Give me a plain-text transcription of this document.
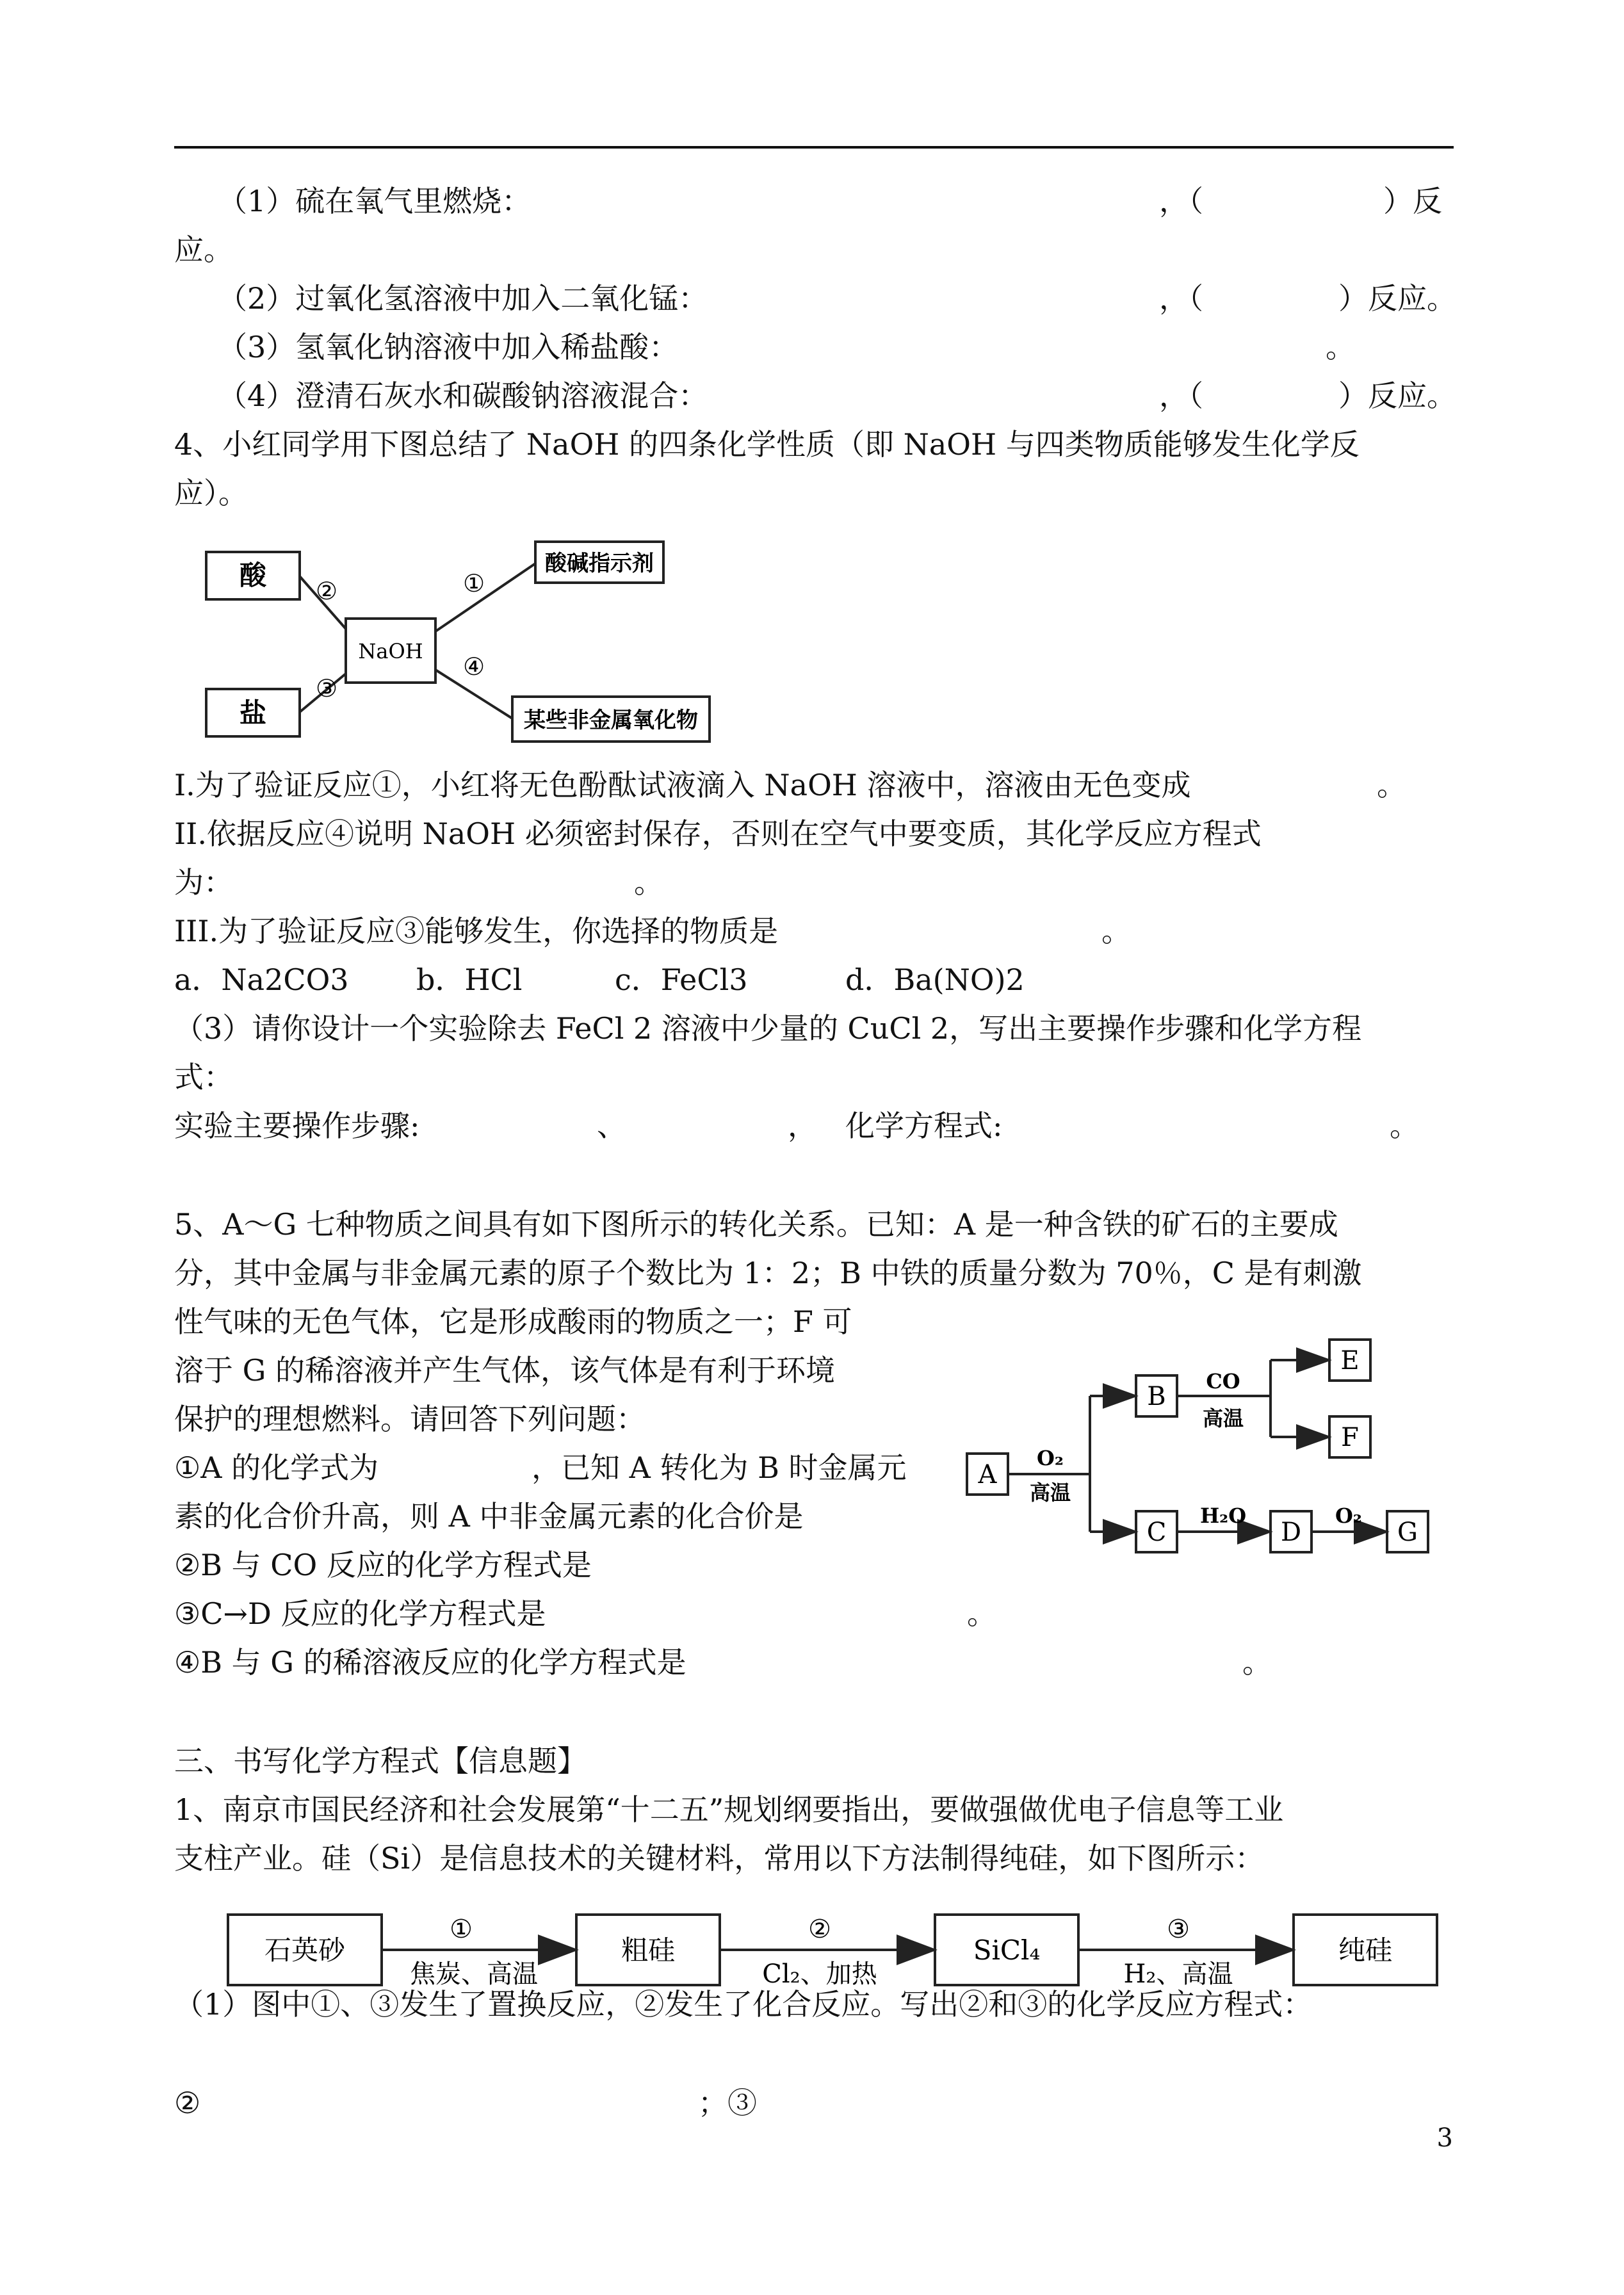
（1）硫在氧气里燃烧：	，（	）反
应。
（2）过氧化氢溶液中加入二氧化锰：	，（	）反应。
（3）氢氧化钠溶液中加入稀盐酸：	。
（4）澄清石灰水和碳酸钠溶液混合：	，（	）反应。
4、小红同学用下图总结了 NaOH 的四条化学性质（即 NaOH 与四类物质能够发生化学反
应）。
酸
盐
NaOH
酸碱指示剂
某些非金属氧化物
②
③
①
④
I.为了验证反应①，小红将无色酚酞试液滴入 NaOH 溶液中，溶液由无色变成	。
II.依据反应④说明 NaOH 必须密封保存，否则在空气中要变质，其化学反应方程式
为：	。
III.为了验证反应③能够发生，你选择的物质是	。
a．Na2CO3 b．HCl	c．FeCl3	d．Ba(NO)2
（3）请你设计一个实验除去 FeCl 2 溶液中少量的 CuCl 2，写出主要操作步骤和化学方程
式：
实验主要操作步骤:	、	， 化学方程式:	。
5、A～G 七种物质之间具有如下图所示的转化关系。已知：A 是一种含铁的矿石的主要成
分，其中金属与非金属元素的原子个数比为 1：2；B 中铁的质量分数为 70％，C 是有刺激
性气味的无色气体，它是形成酸雨的物质之一；F 可
溶于 G 的稀溶液并产生气体，该气体是有利于环境
保护的理想燃料。请回答下列问题：
①A 的化学式为	，已知 A 转化为 B 时金属元
素的化合价升高，则 A 中非金属元素的化合价是
②B 与 CO 反应的化学方程式是
③C→D 反应的化学方程式是	。
④B 与 G 的稀溶液反应的化学方程式是	。
A
B
C
E
F
D	G
O₂
高温
CO
高温
H₂O	O₂
三、书写化学方程式【信息题】
1、南京市国民经济和社会发展第“十二五”规划纲要指出，要做强做优电子信息等工业
支柱产业。硅（Si）是信息技术的关键材料，常用以下方法制得纯硅，如下图所示：
石英砂	粗硅	SiCl₄	纯硅
①	②	③
焦炭、高温	Cl₂、加热	H₂、高温
（1）图中①、③发生了置换反应，②发生了化合反应。写出②和③的化学反应方程式：
②	；③
3
